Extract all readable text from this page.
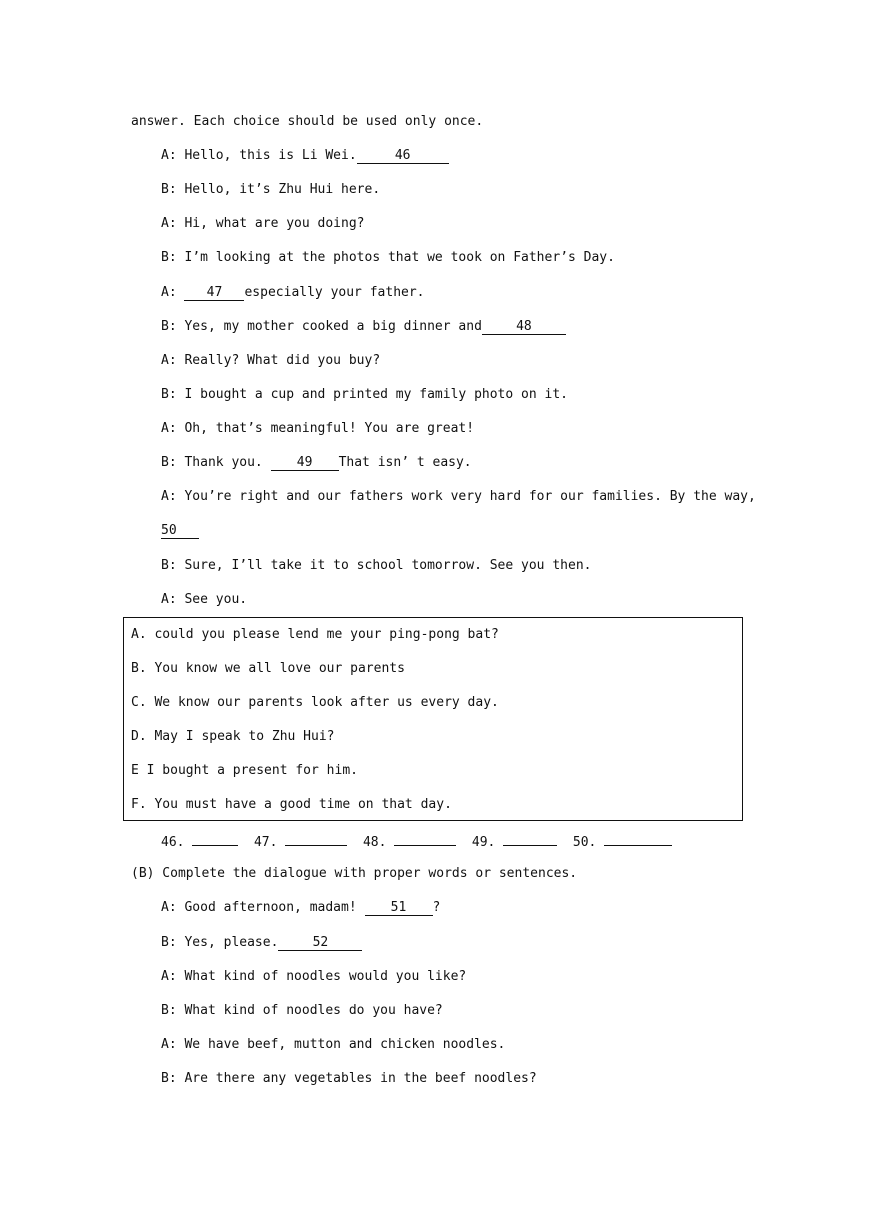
answer. Each choice should be used only once.
A: Hello, this is Li Wei.	46
B: Hello, it’s Zhu Hui here.
A: Hi, what are you doing?
B: I’m looking at the photos that we took on Father’s Day.
A: 47 especially your father.
B: Yes, my mother cooked a big dinner and	48
A: Really? What did you buy?
B: I bought a cup and printed my family photo on it.
A: Oh, that’s meaningful! You are great!
B: Thank you. 49 That isn’ t easy.
A: You’re right and our fathers work very hard for our families. By the way,
50
B: Sure, I’ll take it to school tomorrow. See you then.
A: See you.
A. could you please lend me your ping-pong bat?
B. You know we all love our parents
C. We know our parents look after us every day.
D. May I speak to Zhu Hui?
E I bought a present for him.
F. You must have a good time on that day.
46.	47.	48.	49.	50.
(B) Complete the dialogue with proper words or sentences.
A: Good afternoon, madam! 51 ?
B: Yes, please.	52
A: What kind of noodles would you like?
B: What kind of noodles do you have?
A: We have beef, mutton and chicken noodles.
B: Are there any vegetables in the beef noodles?
